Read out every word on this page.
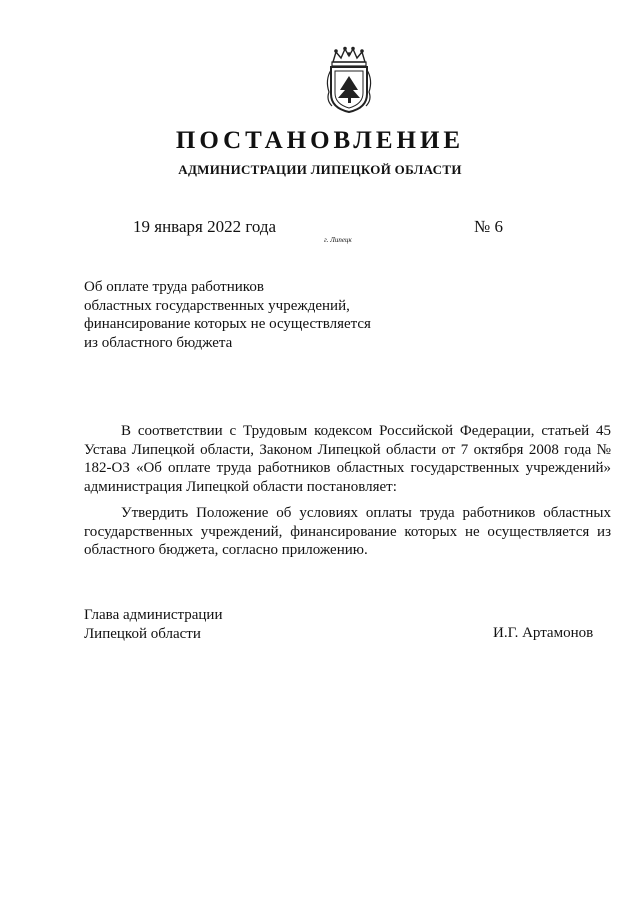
ПОСТАНОВЛЕНИЕ
АДМИНИСТРАЦИИ ЛИПЕЦКОЙ ОБЛАСТИ
19 января 2022 года
г. Липецк
№ 6
Об оплате труда работников
областных государственных учреждений,
финансирование которых не осуществляется
из областного бюджета

В соответствии с Трудовым кодексом Российской Федерации, статьей 45 Устава Липецкой области, Законом Липецкой области от 7 октября 2008 года № 182-ОЗ «Об оплате труда работников областных государственных учреждений» администрация Липецкой области постановляет:

Утвердить Положение об условиях оплаты труда работников областных государственных учреждений, финансирование которых не осуществляется из областного бюджета, согласно приложению.

Глава администрации
Липецкой области	И.Г. Артамонов
